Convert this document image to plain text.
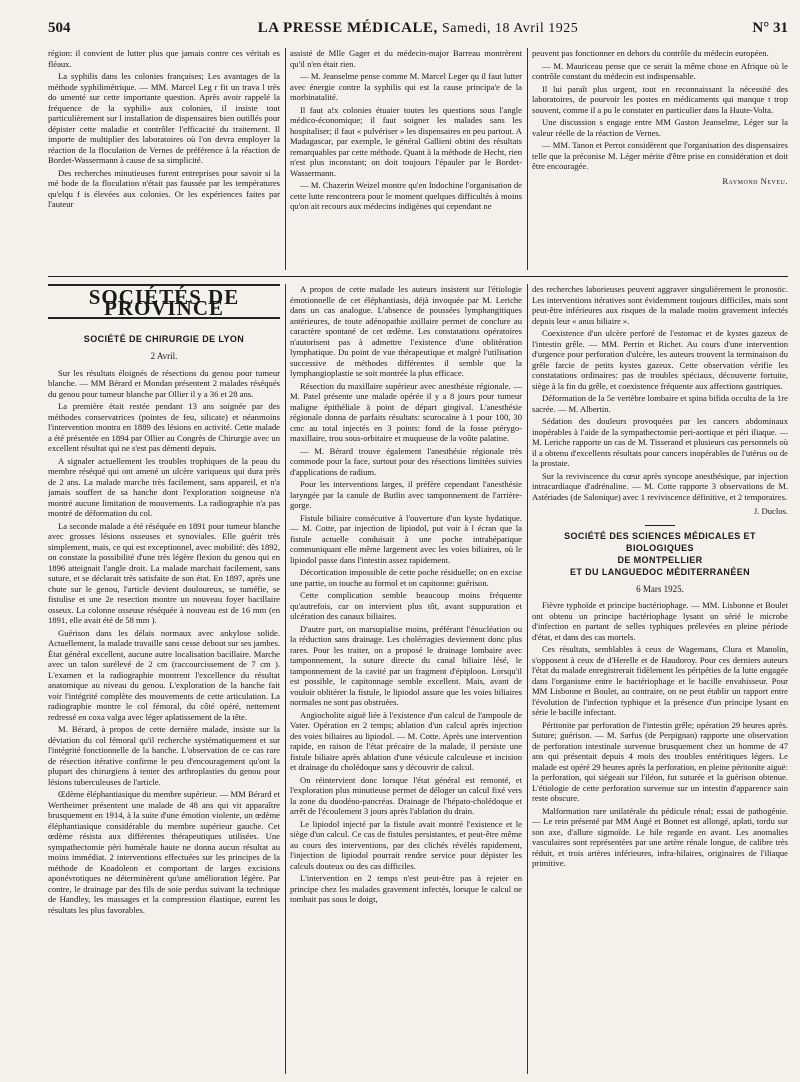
504	LA PRESSE MÉDICALE, Samedi, 18 Avril 1925	N° 31

région: il convient de lutter plus que jamais contre ces véritab es fléaux.

La syphilis dans les colonies françaises; Les avantages de la méthode syphilimétrique. — MM. Marcel Leg r fit un trava l très do umenté sur cette importante question. Après avoir rappelé la fréquence de la syphili» aux colonies, il insiste tout particulièrement sur l installation de dispensaires bien outillés pour dépister cette maladie et contrôler l'efficacité du traitement. Il importe de multiplier des laboratoires où l'on devra employer la réaction de la floculation de Vernes de préférence à la réaction de Bordet-Wassermann à cause de sa simplicité.

Des recherches minutieuses furent entreprises pour savoir si la mé hode de la floculation n'était pas faussée par les températures qu'elqu f is élevées aux colonies. Or les expériences faites par l'auteur

assisté de Mlle Gager et du médecin-major Barreau montrèrent qu'il n'en était rien.

— M. Jeanselme pense comme M. Marcel Leger qu il faut lutter avec énergie contre la syphilis qui est la cause principa'e de la morbinatalité.

Il faut a!x colonies étuaier toutes les questions sous l'angle médico-économique; il faut soigner les malades sans les hospitaliser; il faut « pulvériser » les dispensaires en peu partout. A Madagascar, par exemple, le général Gallieni obtint des résultats remarquables par cette méthode. Quant à la méthode de Hecht, rien n'est plus inconstant; on doit toujours l'épauler par le Bordet-Wassermann.

— M. Chazerin Weizel montre qu'en Indochine l'organisation de cette lutte rencontrera pour le moment quelques difficultés à moins qu'on ait recours aux médecins indigènes qui cependant ne

peuvent pas fonctionner en dehors du contrôle du médecin européen.

— M. Mauriceau pense que ce serait la même chose en Afrique où le contrôle constant du médecin est indispensable.

Il lui paraît plus urgent, tout en reconnaissant la nécessité des laboratoires, de pourvoir les postes en médicaments qui manque t trop souvent, comme il a pu le constater en particulier dans la Haute-Volta.

Une discussion s engage entre MM Gaston Jeanselme, Léger sur la valeur réelle de la réaction de Vernes.

— MM. Tanon et Perrot considèrent que l'organisation des dispensaires telle que la préconise M. Léger mérite d'être prise en considération et doit être encouragée.

Raymond Neveu.
SOCIÉTÉS DE PROVINCE
SOCIÉTÉ DE CHIRURGIE DE LYON
2 Avril.

Sur les résultats éloignés de résections du genou pour tumeur blanche. — MM Bérard et Mondan présentent 2 malades réséqués du genou pour tumeur blanche par Ollier il y a 36 et 28 ans.

La première était restée pendant 13 ans soignée par des méthodes conservatrices (pointes de feu, silicate) et néanmoins l'intervention montra en 1889 des lésions en activité. Cette malade a été présentée en 1894 par Ollier au Congrès de Chirurgie avec un excellent résultat qui ne s'est pas démenti depuis.

A signaler actuellement les troubles trophiques de la peau du membre réséqué qui ont amené un ulcère variqueux qui dura près de 2 ans. La malade marche très facilement, sans appareil, et n'a jamais souffert de sa hanche dont l'exploration soigneuse n'a montré aucune limitation de mouvements. La radiographie n'a pas montré de déformation du col.

La seconde malade a été réséquée en 1891 pour tumeur blanche avec grosses lésions osseuses et synoviales. Elle guérit très simplement, mais, ce qui est exceptionnel, avec mobilité: dès 1892, on constate la possibilité d'une très légère flexion du genou qui en 1896 atteignait l'angle droit. La malade marchait facilement, sans suture, et se déclarait très satisfaite de son état. En 1897, après une chute sur le genou, l'article devient douloureux, se tuméfie, se fistulise et une 2e resection montre un nouveau foyer bacillaire osseux. La colonne osseuse réséquée à nouveau est de 16 mm (en 1891, elle avait été de 58 mm ).

Guérison dans les délais normaux avec ankylose solide. Actuellement, la malade travaille sans cesse debout sur ses jambes. État général excellent, aucune autre localisation bacillaire. Marche avec un talon surélevé de 2 cm (raccourcissement de 7 cm ). L'examen et la radiographie montrent l'excellence du résultat anatomique au niveau du genou. L'exploration de la hanche fait voir l'intégrité complète des mouvements de cette articulation. La radiographie montre le col fémoral, du côté opéré, nettement redressé en coxa valga avec léger aplatissement de la tête.

M. Bérard, à propos de cette dernière malade, insiste sur la déviation du col fémoral qu'il recherche systématiquement et sur l'intégrité fonctionnelle de la hanche. L'observation de ce cas rare de résection itérative confirme le peu d'encouragement qu'ont la plupart des chirurgiens à tenter des arthroplasties du genou pour lésions tuberculeuses de l'article.

Œdème éléphantiasique du membre supérieur. — MM Bérard et Wertheimer présentent une malade de 48 ans qui vit apparaître brusquement en 1914, à la suite d'une émotion violente, un œdème éléphantiasique considérable du membre supérieur gauche. Cet œdème résista aux différentes thérapeutiques utilisées. Une sympathectomie péri humérale haute ne donna aucun résultat au moins immédiat. 2 interventions effectuées sur les principes de la méthode de Koadoleon et comportant de larges excisions aponévrotiques ne déterminèrent qu'une amélioration légère. Par contre, le drainage par des fils de soie perdus suivant la technique de Handley, les massages et la compression élastique, eurent les résultats les plus favorables.

A propos de cette malade les auteurs insistent sur l'étiologie émotionnelle de cet éléphantiasis, déjà invoquée par M. Leriche dans un cas analogue. L'absence de poussées lymphangitiques antérieures, de toute adénopathie axillaire permet de conclure au caractère spontané de cet œdème. Les constatations opératoires n'autorisent pas à admettre l'existence d'une oblitération lymphatique. Du point de vue thérapeutique et malgré l'utilisation successive de méthodes différentes il semble que la lymphangioplastie se soit montrée la plus efficace.

Résection du maxillaire supérieur avec anesthésie régionale. — M. Patel présente une malade opérée il y a 8 jours pour tumeur maligne épithéliale à point de départ gingival. L'anesthésie régionale donna de parfaits résultats: scurocaïne à 1 pour 100, 30 cmc au total injectés en 3 points: fond de la fosse ptérygo-maxillaire, trou sous-orbitaire et muqueuse de la voûte palatine.

— M. Bérard trouve également l'anesthésie régionale très commode pour la face, surtout pour des résections limitées suivies d'applications de radium.

Pour les interventions larges, il préfère cependant l'anesthésie laryngée par la canule de Butlin avec tamponnement de l'arrière-gorge.

Fistule biliaire consécutive à l'ouverture d'un kyste hydatique. — M. Cotte, par injection de lipiodol, put voir à l écran que la fistule actuelle conduisait à une poche intrahépatique communiquant elle même largement avec les voies biliaires, où le lipiodol passe dans l'intestin assez rapidement.

Décortication impossible de cette poche résiduelle; on en excise une partie, on touche au formol et on capitonne: guérison.

Cette complication semble beaucoup moins fréquente qu'autrefois, car on intervient plus tôt, avant suppuration et ulcération des canaux biliaires.

D'autre part, on marsupialise moins, préférant l'énucléation ou la réduction sans drainage. Les cholérragies deviennent donc plus rares. Pour les traiter, on a proposé le drainage lombaire avec tamponnement, la suture directe du canal biliaire lésé, le tamponnement de la cavité par un fragment d'épiploon. Lorsqu'il est possible, le capitonnage semble excellent. Mais, avant de vouloir oblitérer la fistule, le lipiodol assure que les voies biliaires normales ne sont pas obstruées.

Angiocholite aiguë liée à l'existence d'un calcul de l'ampoule de Vater. Opération en 2 temps; ablation d'un calcul après injection des voies biliaires au lipiodol. — M. Cotte. Après une intervention rapide, en raison de l'état précaire de la malade, il persiste une fistule biliaire après ablation d'une vésicule calculeuse et incision et drainage du cholédoque sans y découvrir de calcul.

On réintervient donc lorsque l'état général est remonté, et l'exploration plus minutieuse permet de déloger un calcul fixé vers la zone du duodéno-pancréas. Drainage de l'hépato-cholédoque et arrêt de l'écoulement 3 jours après l'ablation du drain.

Le lipiodol injecté par la fistule avait montré l'existence et le siège d'un calcul. Ce cas de fistules persistantes, et peut-être même au cours des interventions, par des clichés révélés rapidement, l'injection de lipiodol pourrait rendre service pour dépister les calculs douteux ou des cas difficiles.

L'intervention en 2 temps n'est peut-être pas à rejeter en principe chez les malades gravement infectés, lorsque le calcul ne tombait pas sous le doigt,

des recherches laborieuses peuvent aggraver singulièrement le pronostic. Les interventions itératives sont évidemment toujours difficiles, mais sont peut-être inférieures aux risques de la malade moins gravement infectés depuis leur « anus biliaire ».

Coexistence d'un ulcère perforé de l'estomac et de kystes gazeux de l'intestin grêle. — MM. Perrin et Richet. Au cours d'une intervention d'urgence pour perforation d'ulcère, les auteurs trouvent la terminaison du grêle farcie de petits kystes gazeux. Cette observation vérifie les constatations ordinaires: pas de troubles spéciaux, découverte fortuite, siège à la fin du grêle, et coexistence fréquente aux affections gastriques.

Déformation de la 5e vertèbre lombaire et spina bifida occulta de la 1re sacrée. — M. Albertin.

Sédation des douleurs provoquées par les cancers abdominaux inopérables à l'aide de la sympathectomie peri-aortique et péri iliaque. — M. Leriche rapporte un cas de M. Tisserand et plusieurs cas personnels où il a obtenu d'excellents résultats pour cancers inopérables de l'utérus ou de la prostate.

Sur la reviviscence du cœur après syncope anesthésique, par injection intracardiaque d'adrénaline. — M. Cotte rapporte 3 observations de M. Astériades (de Salonique) avec 1 reviviscence définitive, et 2 temporaires.

J. Duclos.
SOCIÉTÉ DES SCIENCES MÉDICALES ET BIOLOGIQUES
DE MONTPELLIER
ET DU LANGUEDOC MÉDITERRANÉEN
6 Mars 1925.

Fièvre typhoïde et principe bactériophage. — MM. Lisbonne et Boulet ont obtenu un principe bactériophage lysant un sérié le microbe d'infection en partant de selles typhiques prélevées en pleine période d'état, et dans des cas mortels.

Ces résultats, semblables à ceux de Wagemans, Clura et Manolin, s'opposent à ceux de d'Herelle et de Haudoroy. Pour ces derniers auteurs l'état du malade enregistrerait fidèlement les péripéties de la lutte engagée dans l'organisme entre le bactériophage et le bacille envahisseur. Pour MM Lisbonne et Boulet, au contraire, on ne peut établir un rapport entre l'évolution de l'infection typhique et la présence d'un principe lysant en série le bacille infectant.

Péritonite par perforation de l'intestin grêle; opération 29 heures après. Suture; guérison. — M. Sarfus (de Perpignan) rapporte une observation de perforation intestinale survenue brusquement chez un homme de 47 ans qui présentait depuis 4 mois des troubles entéritiques légers. Le malade est opéré 29 heures après la perforation, en pleine péritonite aiguë: la perforation, qui siégeait sur l'iléon, fut suturée et la guérison obtenue. L'étiologie de cette perforation survenue sur un intestin d'apparence sain reste obscure.

Malformation rare unilatérale du pédicule rénal; essai de pathogénie. — Le rein présenté par MM Augé et Bonnet est allongé, aplati, tordu sur son axe, d'allure sigmoïde. Le hile regarde en avant. Les anomalies vasculaires sont représentées par une artère rénale longue, de calibre très réduit, et trois artères inférieures, infra-hilaires, originaires de l'iliaque primitive.
